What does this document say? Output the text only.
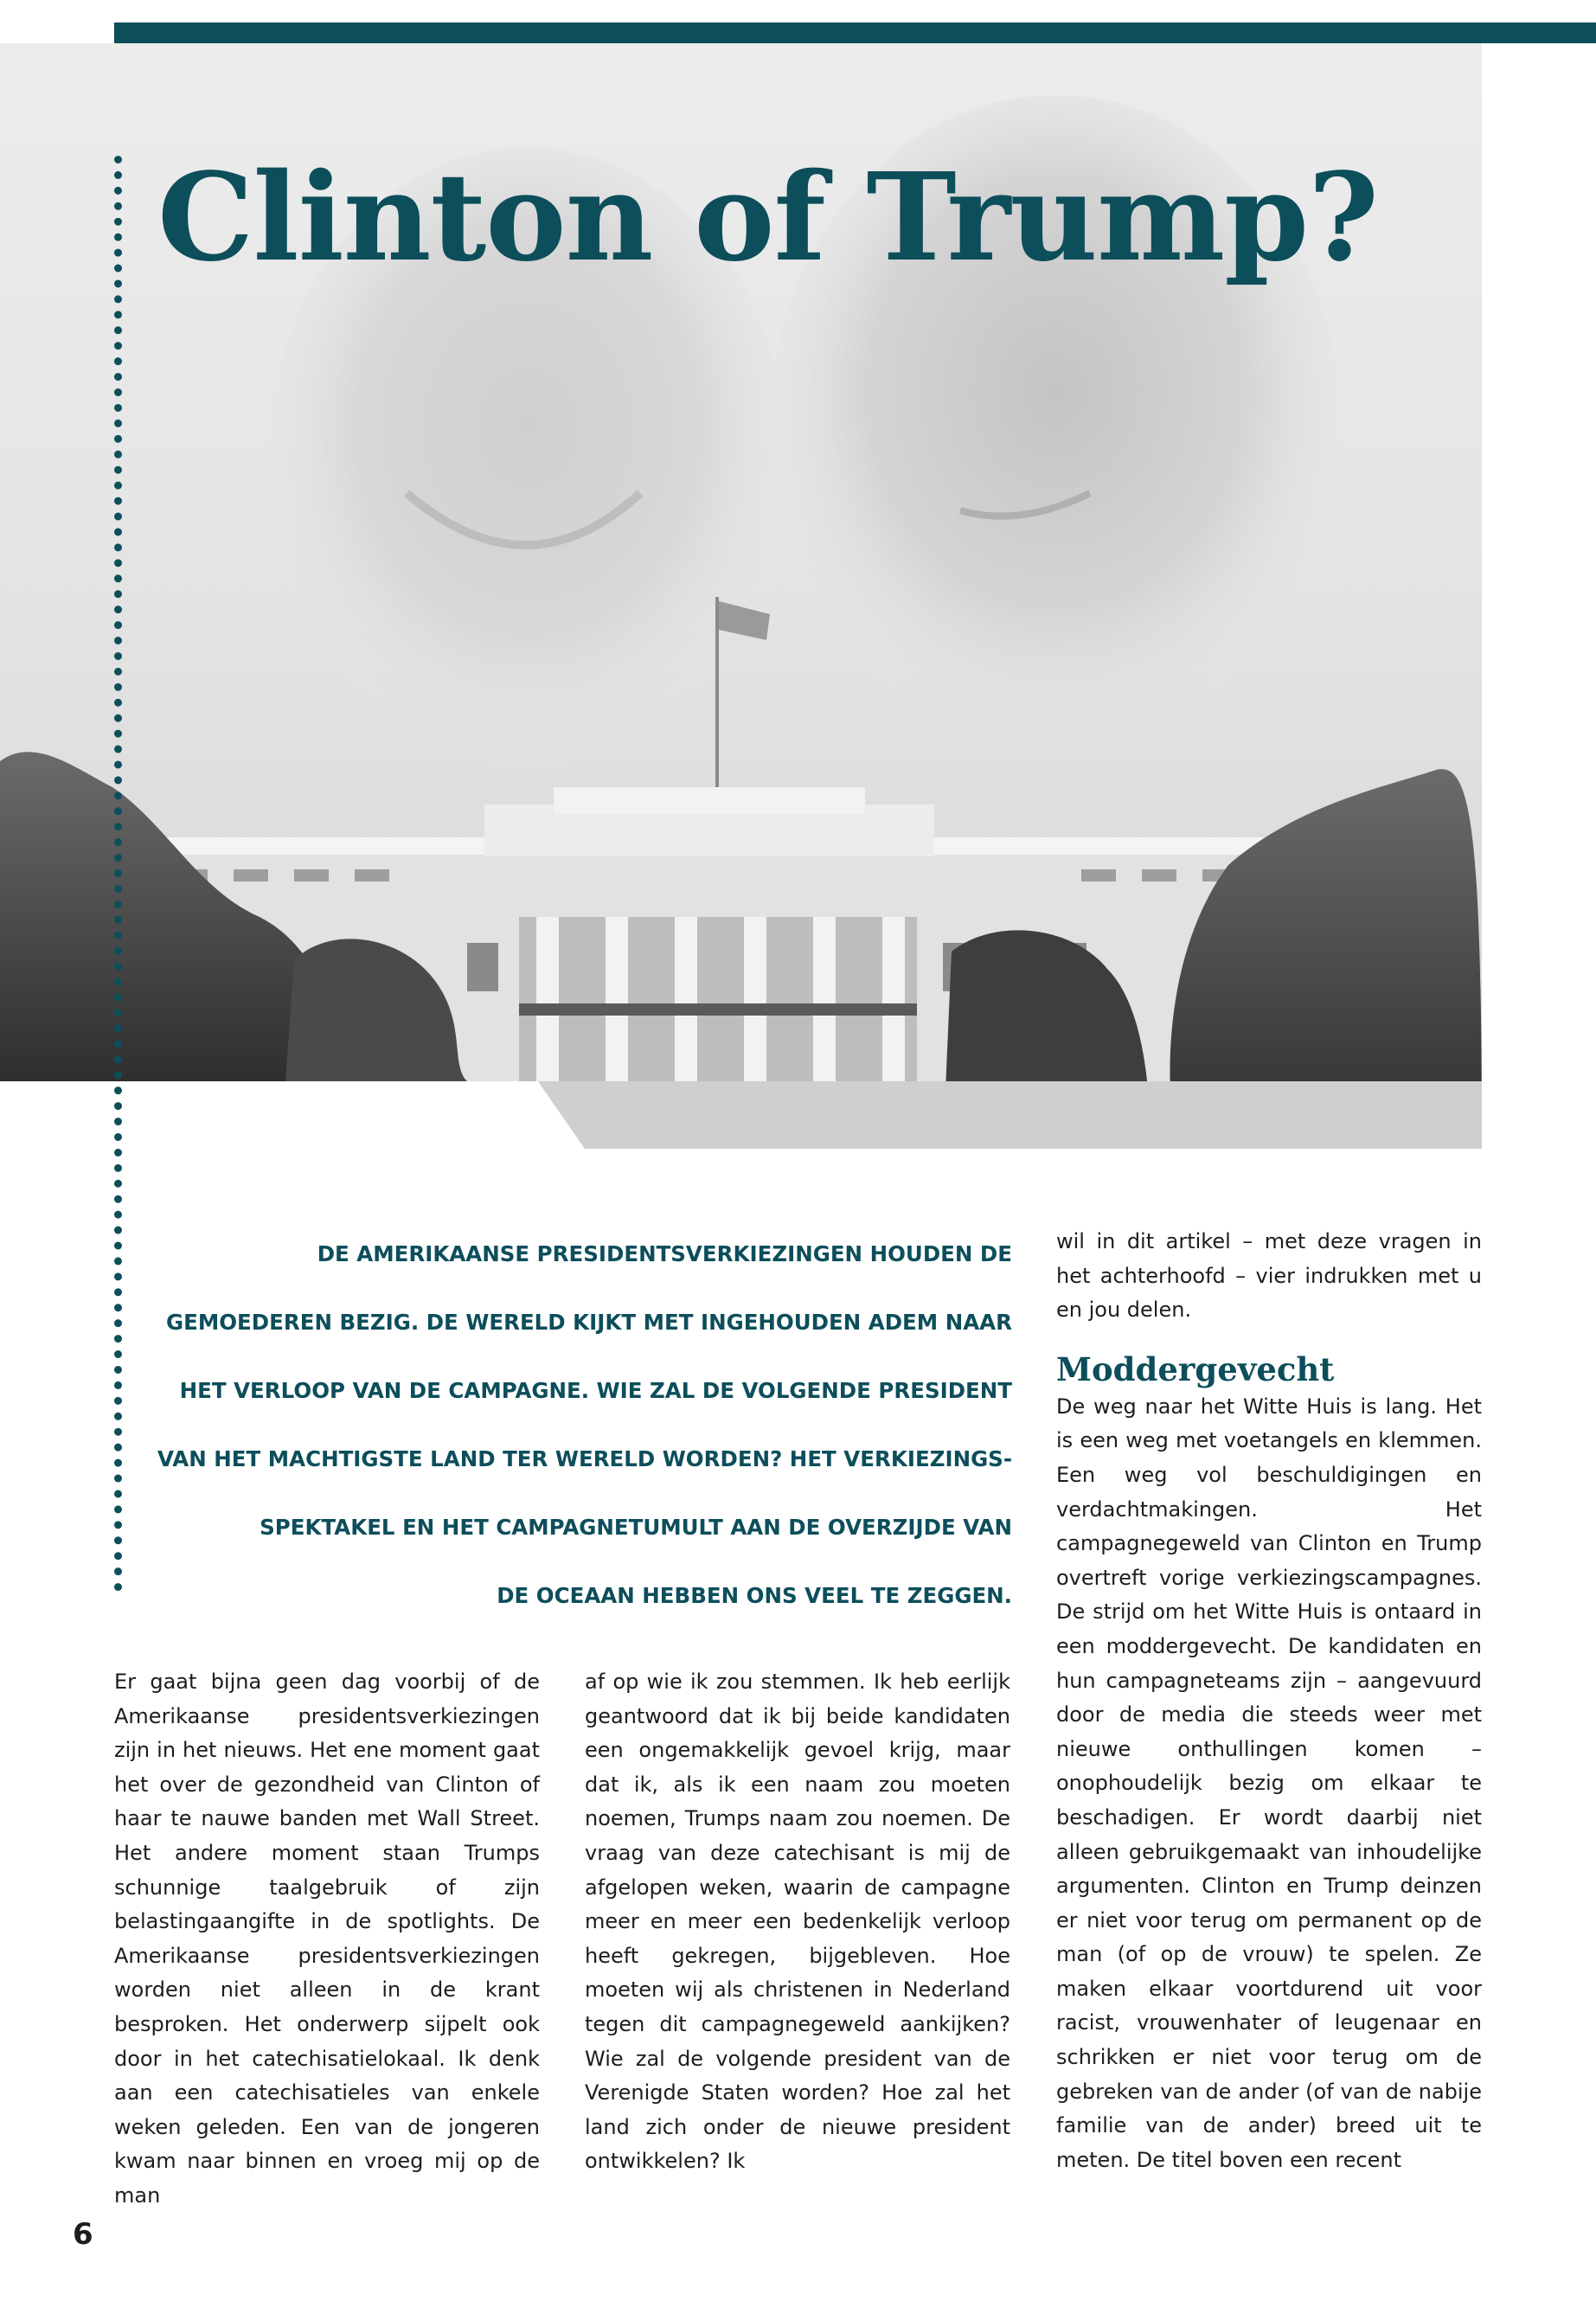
Clinton of Trump?
DE AMERIKAANSE PRESIDENTSVERKIEZINGEN HOUDEN DE
GEMOEDEREN BEZIG. DE WERELD KIJKT MET INGEHOUDEN ADEM NAAR
HET VERLOOP VAN DE CAMPAGNE. WIE ZAL DE VOLGENDE PRESIDENT
VAN HET MACHTIGSTE LAND TER WERELD WORDEN? HET VERKIEZINGS-
SPEKTAKEL EN HET CAMPAGNETUMULT AAN DE OVERZIJDE VAN
DE OCEAAN HEBBEN ONS VEEL TE ZEGGEN.

Er gaat bijna geen dag voorbij of de Amerikaanse presidentsverkiezingen zijn in het nieuws. Het ene moment gaat het over de gezondheid van Clinton of haar te nauwe banden met Wall Street. Het andere moment staan Trumps schunnige taalgebruik of zijn belastingaangifte in de spotlights. De Amerikaanse presidentsverkiezingen worden niet alleen in de krant besproken. Het onderwerp sijpelt ook door in het catechisatielokaal. Ik denk aan een catechisatieles van enkele weken geleden. Een van de jongeren kwam naar binnen en vroeg mij op de man

af op wie ik zou stemmen. Ik heb eerlijk geantwoord dat ik bij beide kandidaten een ongemakkelijk gevoel krijg, maar dat ik, als ik een naam zou moeten noemen, Trumps naam zou noemen. De vraag van deze catechisant is mij de afgelopen weken, waarin de campagne meer en meer een bedenkelijk verloop heeft gekregen, bijgebleven. Hoe moeten wij als christenen in Nederland tegen dit campagnegeweld aankijken? Wie zal de volgende president van de Verenigde Staten worden? Hoe zal het land zich onder de nieuwe president ontwikkelen? Ik

wil in dit artikel – met deze vragen in het achterhoofd – vier indrukken met u en jou delen.

Moddergevecht

De weg naar het Witte Huis is lang. Het is een weg met voetangels en klemmen. Een weg vol beschuldigingen en verdachtmakingen. Het campagnegeweld van Clinton en Trump overtreft vorige verkiezingscampagnes. De strijd om het Witte Huis is ontaard in een moddergevecht. De kandidaten en hun campagneteams zijn – aangevuurd door de media die steeds weer met nieuwe onthullingen komen – onophoudelijk bezig om elkaar te beschadigen. Er wordt daarbij niet alleen gebruikgemaakt van inhoudelijke argumenten. Clinton en Trump deinzen er niet voor terug om permanent op de man (of op de vrouw) te spelen. Ze maken elkaar voortdurend uit voor racist, vrouwenhater of leugenaar en schrikken er niet voor terug om de gebreken van de ander (of van de nabije familie van de ander) breed uit te meten. De titel boven een recent

6
